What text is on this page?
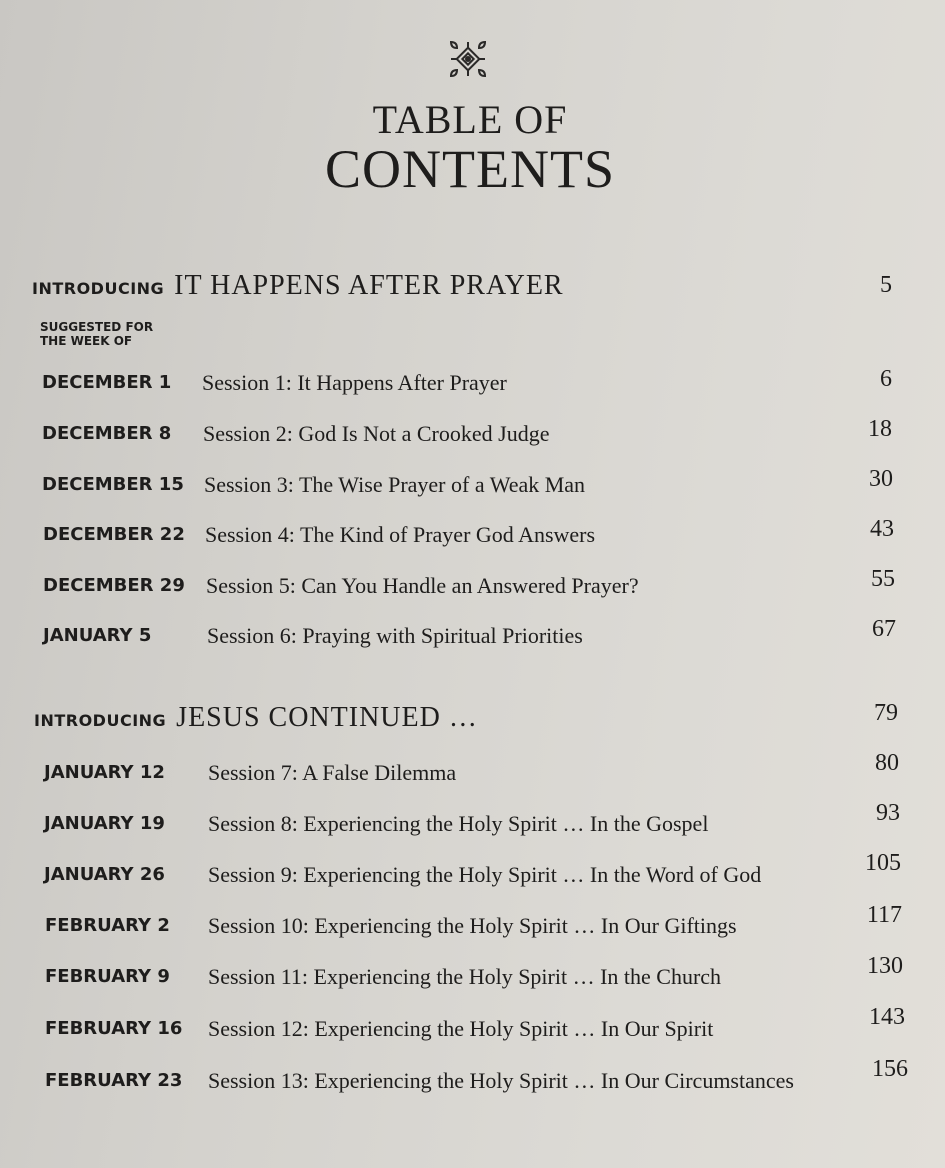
TABLE OF
CONTENTS
INTRODUCING IT HAPPENS AFTER PRAYER	5
SUGGESTED FOR
THE WEEK OF
DECEMBER 1 Session 1: It Happens After Prayer	6
DECEMBER 8 Session 2: God Is Not a Crooked Judge	18
DECEMBER 15 Session 3: The Wise Prayer of a Weak Man	30
DECEMBER 22 Session 4: The Kind of Prayer God Answers	43
DECEMBER 29 Session 5: Can You Handle an Answered Prayer?	55
JANUARY 5	Session 6: Praying with Spiritual Priorities	67
INTRODUCING JESUS CONTINUED …	79
JANUARY 12 Session 7: A False Dilemma	80
JANUARY 19 Session 8: Experiencing the Holy Spirit … In the Gospel	93
JANUARY 26 Session 9: Experiencing the Holy Spirit … In the Word of God	105
FEBRUARY 2 Session 10: Experiencing the Holy Spirit … In Our Giftings	117
FEBRUARY 9 Session 11: Experiencing the Holy Spirit … In the Church	130
FEBRUARY 16 Session 12: Experiencing the Holy Spirit … In Our Spirit	143
FEBRUARY 23 Session 13: Experiencing the Holy Spirit … In Our Circumstances	156
